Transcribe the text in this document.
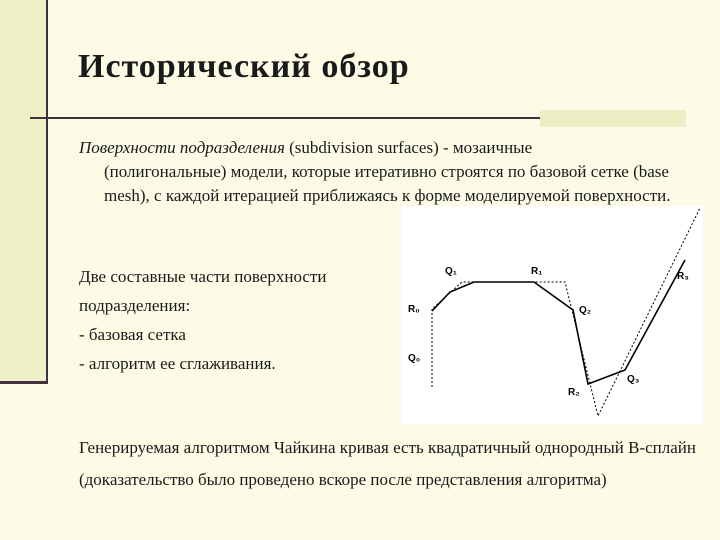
Исторический обзор

Поверхности подразделения (subdivision surfaces) - мозаичные
(полигональные) модели, которые итеративно строятся по базовой сетке (base mesh), с каждой итерацией приближаясь к форме моделируемой поверхности.

Две составные части поверхности
подразделения:
- базовая сетка
- алгоритм ее сглаживания.
Q₁	R₁	R₃
R₀	Q₂
Q₀
Q₃
R₂

Генерируемая алгоритмом Чайкина кривая есть квадратичный однородный B-сплайн (доказательство было проведено вскоре после представления алгоритма)
